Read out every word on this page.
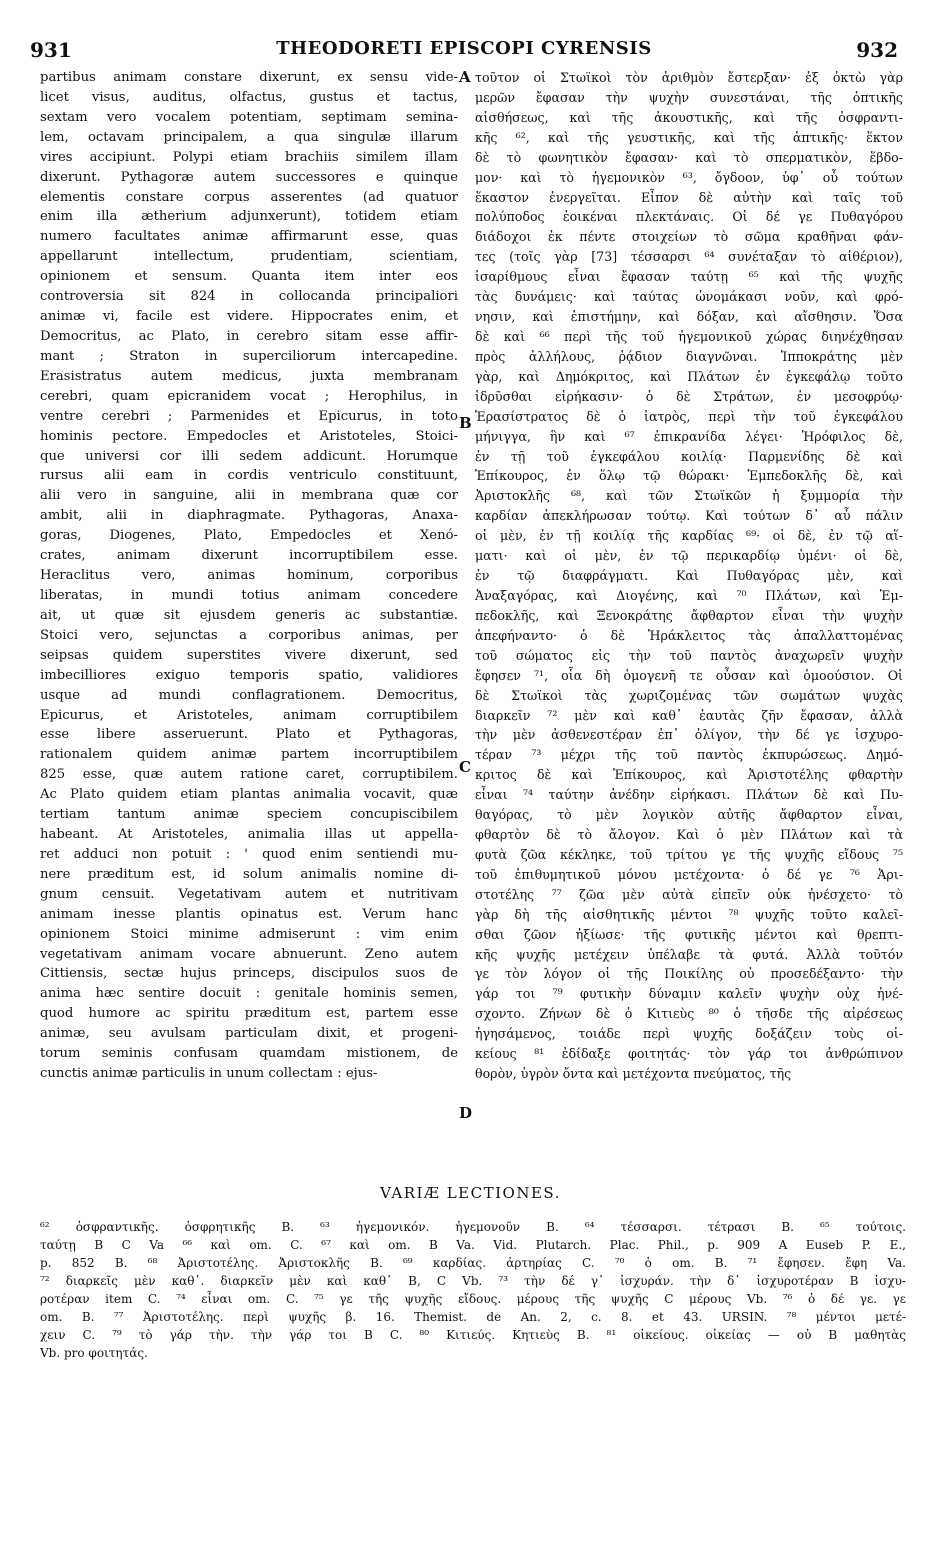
931	THEODORETI EPISCOPI CYRENSIS	932
partibus animam constare dixerunt, ex sensu vide-
licet visus, auditus, olfactus, gustus et tactus,
sextam vero vocalem potentiam, septimam semina-
lem, octavam principalem, a qua singulæ illarum
vires accipiunt. Polypi etiam brachiis similem illam
dixerunt. Pythagoræ autem successores e quinque
elementis constare corpus asserentes (ad quatuor
enim illa ætherium adjunxerunt), totidem etiam
numero facultates animæ affirmarunt esse, quas
appellarunt intellectum, prudentiam, scientiam,
opinionem et sensum. Quanta item inter eos
controversia sit 824 in collocanda principaliori
animæ vi, facile est videre. Hippocrates enim, et
Democritus, ac Plato, in cerebro sitam esse affir-
mant ; Straton in superciliorum intercapedine.
Erasistratus autem medicus, juxta membranam
cerebri, quam epicranidem vocat ; Herophilus, in
ventre cerebri ; Parmenides et Epicurus, in toto
hominis pectore. Empedocles et Aristoteles, Stoici-
que universi cor illi sedem addicunt. Horumque
rursus alii eam in cordis ventriculo constituunt,
alii vero in sanguine, alii in membrana quæ cor
ambit, alii in diaphragmate. Pythagoras, Anaxa-
goras, Diogenes, Plato, Empedocles et Xenó-
crates, animam dixerunt incorruptibilem esse.
Heraclitus vero, animas hominum, corporibus
liberatas, in mundi totius animam concedere
ait, ut quæ sit ejusdem generis ac substantiæ.
Stoici vero, sejunctas a corporibus animas, per
seipsas quidem superstites vivere dixerunt, sed
imbecilliores exiguo temporis spatio, validiores
usque ad mundi conflagrationem. Democritus,
Epicurus, et Aristoteles, animam corruptibilem
esse libere asseruerunt. Plato et Pythagoras,
rationalem quidem animæ partem incorruptibilem
825 esse, quæ autem ratione caret, corruptibilem.
Ac Plato quidem etiam plantas animalia vocavit, quæ
tertiam tantum animæ speciem concupiscibilem
habeant. At Aristoteles, animalia illas ut appella-
ret adduci non potuit : ' quod enim sentiendi mu-
nere præditum est, id solum animalis nomine di-
gnum censuit. Vegetativam autem et nutritivam
animam inesse plantis opinatus est. Verum hanc
opinionem Stoici minime admiserunt : vim enim
vegetativam animam vocare abnuerunt. Zeno autem
Cittiensis, sectæ hujus princeps, discipulos suos de
anima hæc sentire docuit : genitale hominis semen,
quod humore ac spiritu præditum est, partem esse
animæ, seu avulsam particulam dixit, et progeni-
torum seminis confusam quamdam mistionem, de
cunctis animæ particulis in unum collectam : ejus-
A
B
C
D
τοῦτον οἱ Στωϊκοὶ τὸν ἀριθμὸν ἔστερξαν· ἐξ ὀκτὼ γὰρ
μερῶν ἔφασαν τὴν ψυχὴν συνεστάναι, τῆς ὀπτικῆς
αἰσθήσεως, καὶ τῆς ἀκουστικῆς, καὶ τῆς ὀσφραντι-
κῆς ⁶², καὶ τῆς γευστικῆς, καὶ τῆς ἁπτικῆς· ἕκτον
δὲ τὸ φωνητικὸν ἔφασαν· καὶ τὸ σπερματικὸν, ἕβδο-
μον· καὶ τὸ ἡγεμονικὸν ⁶³, ὄγδοον, ὑφ᾽ οὗ τούτων
ἕκαστον ἐνεργεῖται. Εἶπον δὲ αὐτὴν καὶ ταῖς τοῦ
πολύποδος ἐοικέναι πλεκτάναις. Οἱ δέ γε Πυθαγόρου
διάδοχοι ἐκ πέντε στοιχείων τὸ σῶμα κραθῆναι φάν-
τες (τοῖς γὰρ [73] τέσσαρσι ⁶⁴ συνέταξαν τὸ αἰθέριον),
ἰσαρίθμους εἶναι ἔφασαν ταύτῃ ⁶⁵ καὶ τῆς ψυχῆς
τὰς δυνάμεις· καὶ ταύτας ὠνομάκασι νοῦν, καὶ φρό-
νησιν, καὶ ἐπιστήμην, καὶ δόξαν, καὶ αἴσθησιν. Ὅσα
δὲ καὶ ⁶⁶ περὶ τῆς τοῦ ἡγεμονικοῦ χώρας διηνέχθησαν
πρὸς ἀλλήλους, ῥᾴδιον διαγνῶναι. Ἱπποκράτης μὲν
γὰρ, καὶ Δημόκριτος, καὶ Πλάτων ἐν ἐγκεφάλῳ τοῦτο
ἱδρῦσθαι εἰρήκασιν· ὁ δὲ Στράτων, ἐν μεσοφρύῳ·
Ἐρασίστρατος δὲ ὁ ἰατρὸς, περὶ τὴν τοῦ ἐγκεφάλου
μήνιγγα, ἣν καὶ ⁶⁷ ἐπικρανίδα λέγει· Ἡρόφιλος δὲ,
ἐν τῇ τοῦ ἐγκεφάλου κοιλίᾳ· Παρμενίδης δὲ καὶ
Ἐπίκουρος, ἐν ὅλῳ τῷ θώρακι· Ἐμπεδοκλῆς δὲ, καὶ
Ἀριστοκλῆς ⁶⁸, καὶ τῶν Στωϊκῶν ἡ ξυμμορία τὴν
καρδίαν ἀπεκλήρωσαν τούτῳ. Καὶ τούτων δ᾽ αὖ πάλιν
οἱ μὲν, ἐν τῇ κοιλίᾳ τῆς καρδίας ⁶⁹· οἱ δὲ, ἐν τῷ αἵ-
ματι· καὶ οἱ μὲν, ἐν τῷ περικαρδίῳ ὑμένι· οἱ δὲ,
ἐν τῷ διαφράγματι. Καὶ Πυθαγόρας μὲν, καὶ
Ἀναξαγόρας, καὶ Διογένης, καὶ ⁷⁰ Πλάτων, καὶ Ἐμ-
πεδοκλῆς, καὶ Ξενοκράτης ἄφθαρτον εἶναι τὴν ψυχὴν
ἀπεφήναντο· ὁ δὲ Ἡράκλειτος τὰς ἀπαλλαττομένας
τοῦ σώματος εἰς τὴν τοῦ παντὸς ἀναχωρεῖν ψυχὴν
ἔφησεν ⁷¹, οἷα δὴ ὁμογενῆ τε οὖσαν καὶ ὁμοούσιον. Οἱ
δὲ Στωϊκοὶ τὰς χωριζομένας τῶν σωμάτων ψυχὰς
διαρκεῖν ⁷² μὲν καὶ καθ᾽ ἑαυτὰς ζῆν ἔφασαν, ἀλλὰ
τὴν μὲν ἀσθενεστέραν ἐπ᾽ ὀλίγον, τὴν δέ γε ἰσχυρο-
τέραν ⁷³ μέχρι τῆς τοῦ παντὸς ἐκπυρώσεως. Δημό-
κριτος δὲ καὶ Ἐπίκουρος, καὶ Ἀριστοτέλης φθαρτὴν
εἶναι ⁷⁴ ταύτην ἀνέδην εἰρήκασι. Πλάτων δὲ καὶ Πυ-
θαγόρας, τὸ μὲν λογικὸν αὐτῆς ἄφθαρτον εἶναι,
φθαρτὸν δὲ τὸ ἄλογον. Καὶ ὁ μὲν Πλάτων καὶ τὰ
φυτὰ ζῶα κέκληκε, τοῦ τρίτου γε τῆς ψυχῆς εἴδους ⁷⁵
τοῦ ἐπιθυμητικοῦ μόνου μετέχοντα· ὁ δέ γε ⁷⁶ Ἀρι-
στοτέλης ⁷⁷ ζῶα μὲν αὐτὰ εἰπεῖν οὐκ ἠνέσχετο· τὸ
γὰρ δὴ τῆς αἰσθητικῆς μέντοι ⁷⁸ ψυχῆς τοῦτο καλεῖ-
σθαι ζῶον ἠξίωσε· τῆς φυτικῆς μέντοι καὶ θρεπτι-
κῆς ψυχῆς μετέχειν ὑπέλαβε τὰ φυτά. Ἀλλὰ τοῦτόν
γε τὸν λόγον οἱ τῆς Ποικίλης οὐ προσεδέξαντο· τὴν
γάρ τοι ⁷⁹ φυτικὴν δύναμιν καλεῖν ψυχὴν οὐχ ἠνέ-
σχοντο. Ζήνων δὲ ὁ Κιτιεὺς ⁸⁰ ὁ τῆσδε τῆς αἱρέσεως
ἡγησάμενος, τοιάδε περὶ ψυχῆς δοξάζειν τοὺς οἰ-
κείους ⁸¹ ἐδίδαξε φοιτητάς· τὸν γάρ τοι ἀνθρώπινον
θορὸν, ὑγρὸν ὄντα καὶ μετέχοντα πνεύματος, τῆς
VARIÆ LECTIONES.
⁶² ὀσφραντικῆς. ὀσφρητικῆς B. ⁶³ ἡγεμονικόν. ἡγεμονοῦν B. ⁶⁴ τέσσαρσι. τέτρασι B. ⁶⁵ τούτοις.
ταύτῃ B C Va ⁶⁶ καὶ om. C. ⁶⁷ καὶ om. B Va. Vid. Plutarch. Plac. Phil., p. 909 A Euseb P. E.,
p. 852 B. ⁶⁸ Ἀριστοτέλης. Ἀριστοκλῆς B. ⁶⁹ καρδίας. ἀρτηρίας C. ⁷⁰ ὁ om. B. ⁷¹ ἔφησεν. ἔφη Va.
⁷² διαρκεῖς μὲν καθ᾽. διαρκεῖν μὲν καὶ καθ᾽ B, C Vb. ⁷³ τὴν δέ γ᾽ ἰσχυράν. τὴν δ᾽ ἰσχυροτέραν B ἰσχυ-
ροτέραν item C. ⁷⁴ εἶναι om. C. ⁷⁵ γε τῆς ψυχῆς εἴδους. μέρους τῆς ψυχῆς C μέρους Vb. ⁷⁶ ὁ δέ γε. γε
om. B. ⁷⁷ Ἀριστοτέλης. περὶ ψυχῆς β. 16. Themist. de An. 2, c. 8. et 43. URSIN. ⁷⁸ μέντοι μετέ-
χειν C. ⁷⁹ τὸ γάρ τὴν. τὴν γάρ τοι B C. ⁸⁰ Κιτιεύς. Κητιεὺς B. ⁸¹ οἰκείους. οἰκείας — οὐ B μαθητὰς
Vb. pro φοιτητάς.
